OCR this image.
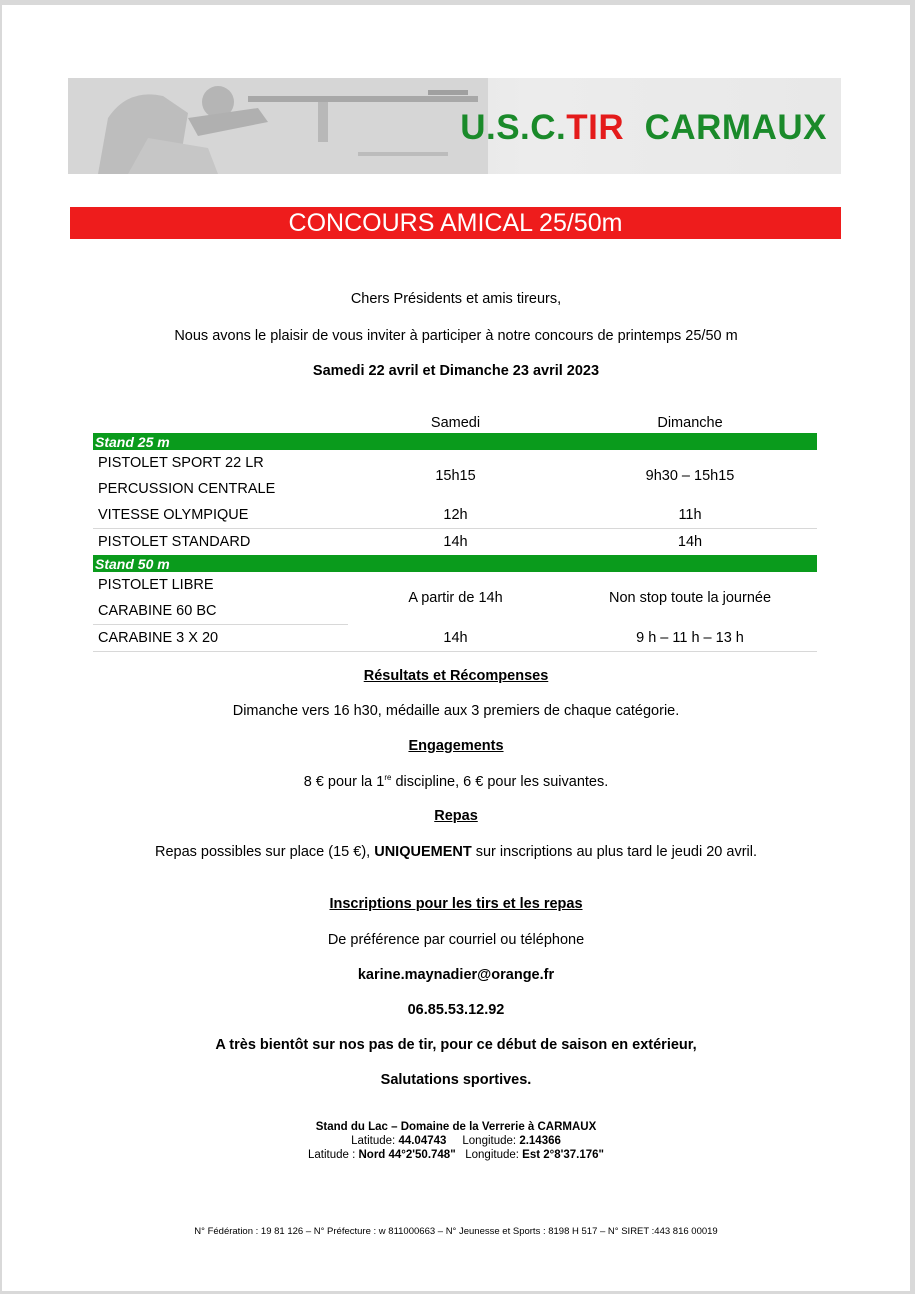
U.S.C.TIR CARMAUX
CONCOURS AMICAL 25/50m
Chers Présidents et amis tireurs,
Nous avons le plaisir de vous inviter à participer à notre concours de printemps 25/50 m
Samedi 22 avril et Dimanche 23 avril 2023
	Samedi	Dimanche
Stand 25 m		
PISTOLET SPORT 22 LR	15h15	9h30 – 15h15
PERCUSSION CENTRALE		
VITESSE OLYMPIQUE	12h	11h
PISTOLET STANDARD	14h	14h
Stand 50 m		
PISTOLET LIBRE	A partir de 14h	Non stop toute la journée
CARABINE 60 BC		
CARABINE 3 X 20	14h	9 h – 11 h – 13 h
Résultats et Récompenses
Dimanche vers 16 h30, médaille aux 3 premiers de chaque catégorie.
Engagements
8 € pour la 1re discipline, 6 € pour les suivantes.
Repas
Repas possibles sur place (15 €), UNIQUEMENT sur inscriptions au plus tard le jeudi 20 avril.
Inscriptions pour les tirs et les repas
De préférence par courriel ou téléphone
karine.maynadier@orange.fr
06.85.53.12.92
A très bientôt sur nos pas de tir, pour ce début de saison en extérieur,
Salutations sportives.
Stand du Lac – Domaine de la Verrerie à CARMAUX
Latitude: 44.04743 Longitude: 2.14366
Latitude : Nord 44°2'50.748" Longitude: Est 2°8'37.176"
N° Fédération : 19 81 126 – N° Préfecture : w 811000663 – N° Jeunesse et Sports : 8198 H 517 – N° SIRET :443 816 00019
